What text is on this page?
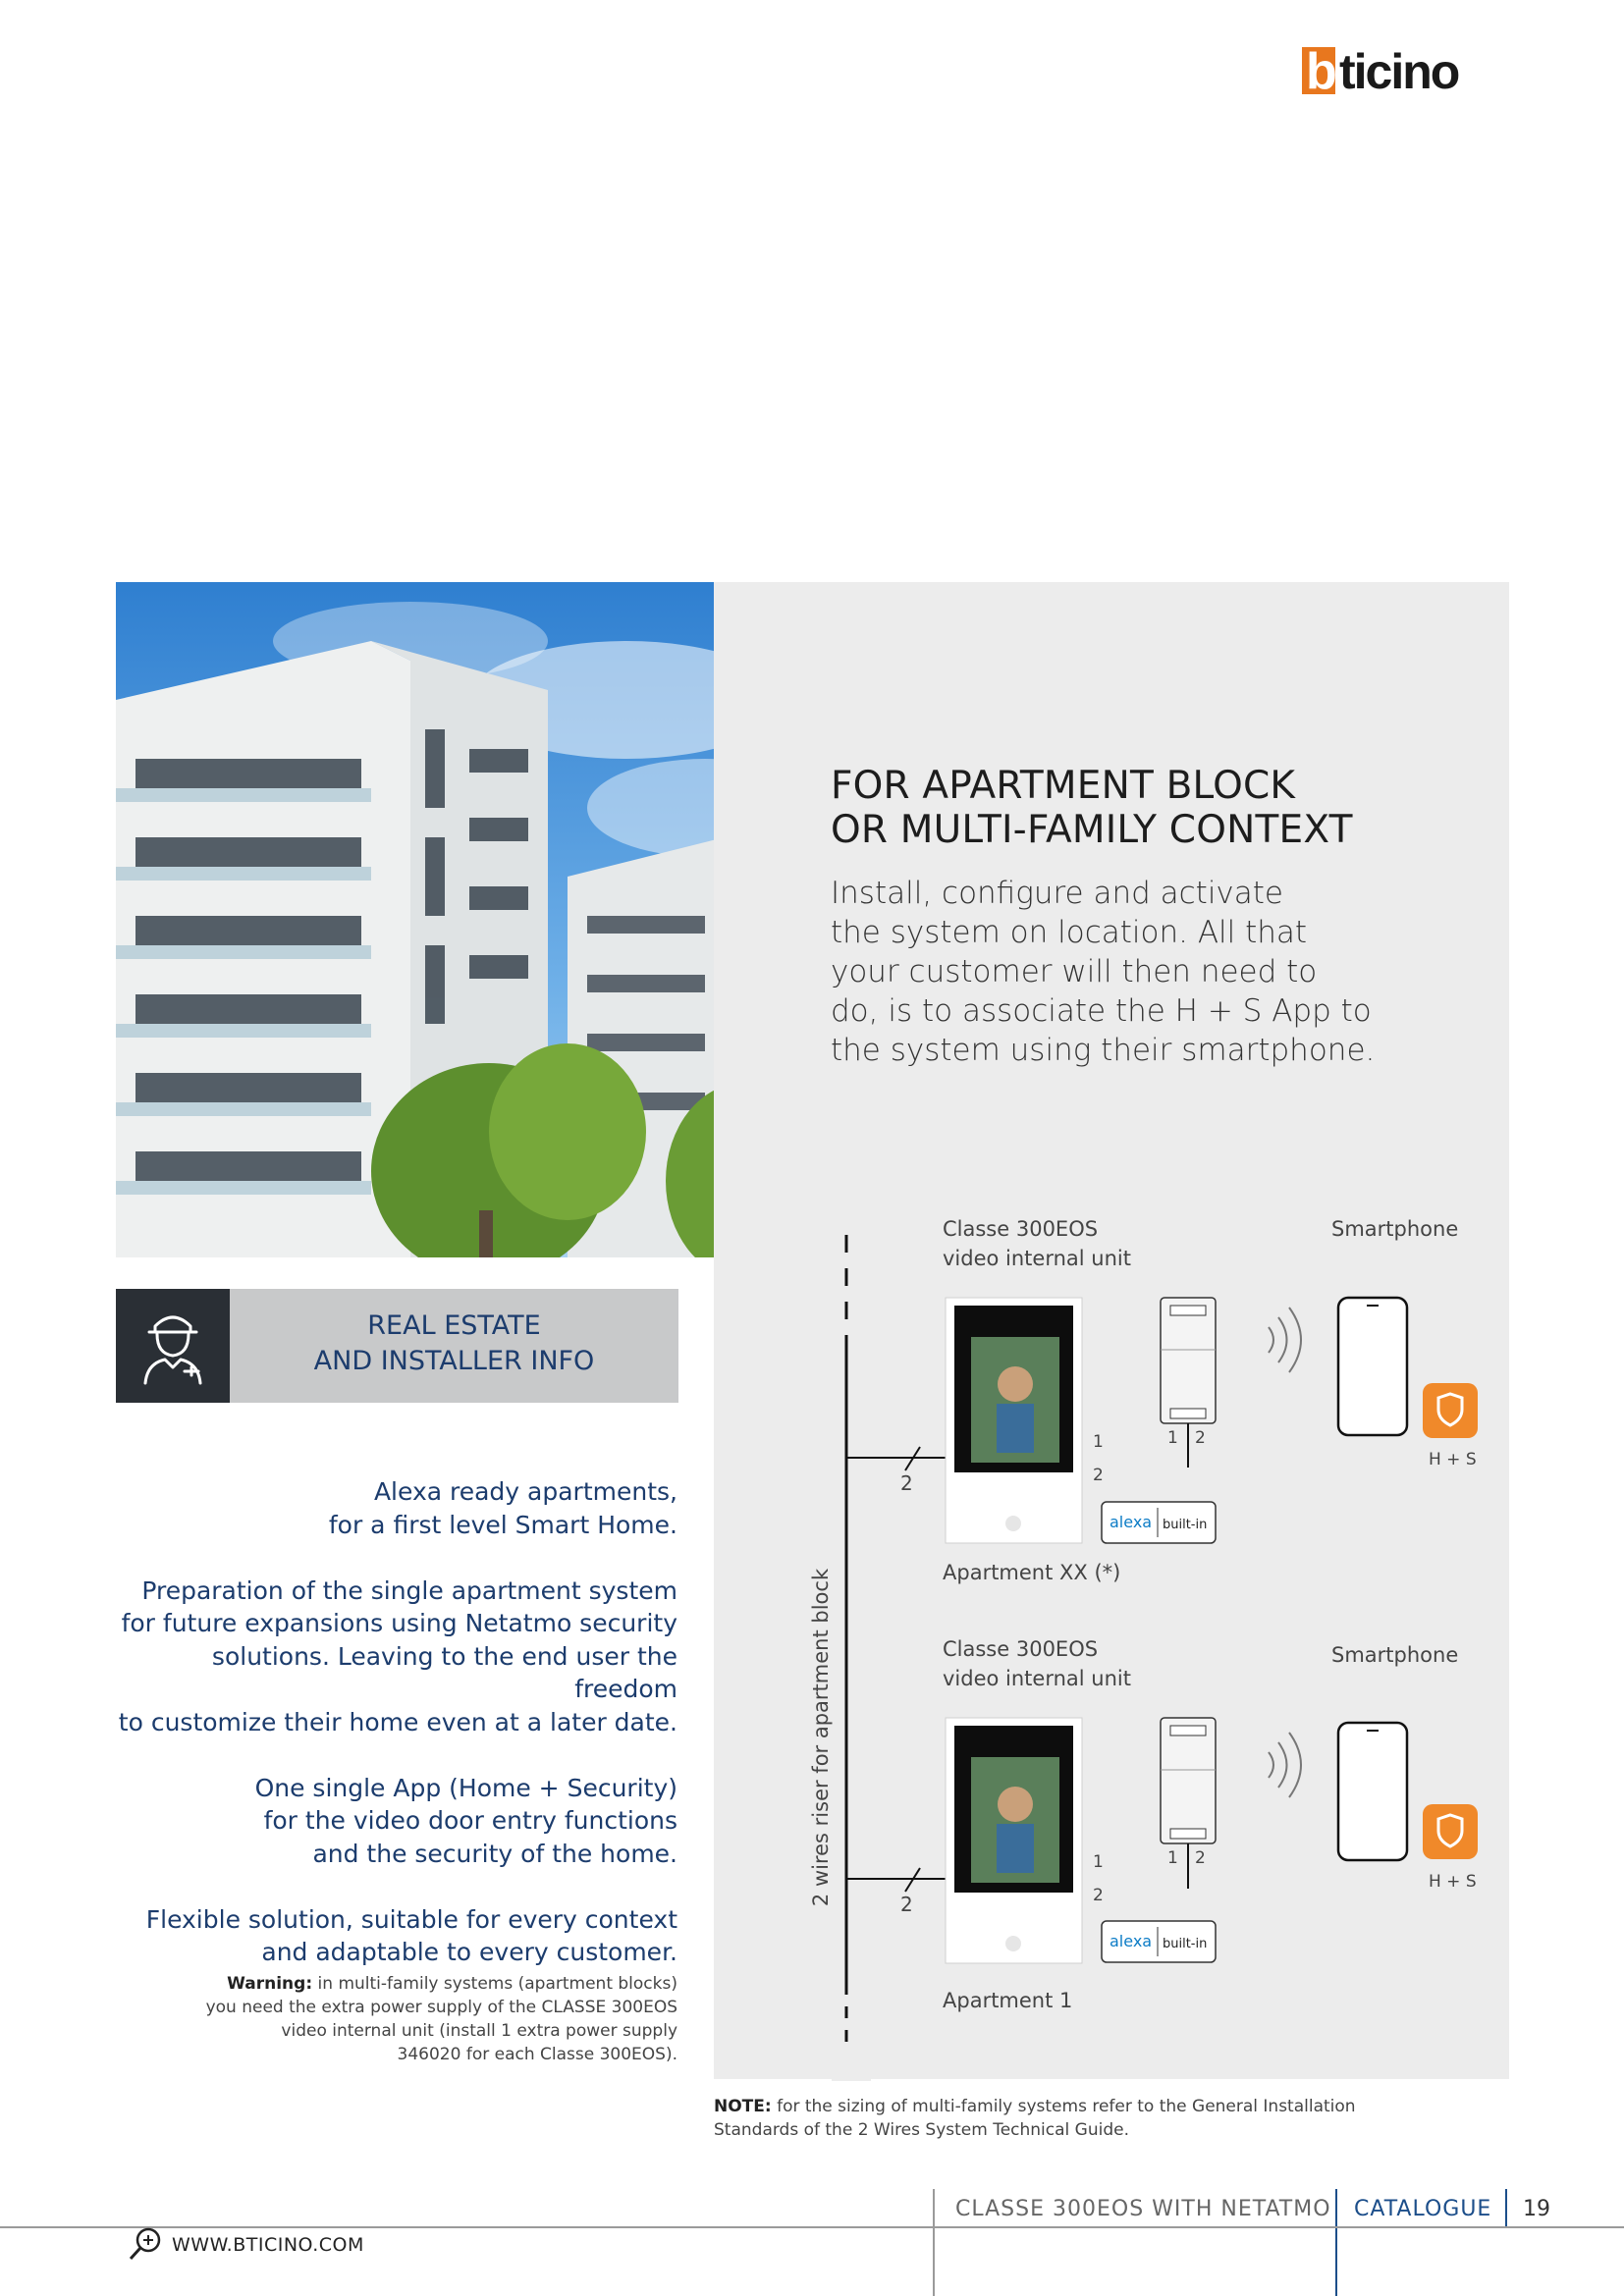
b ticino
FOR APARTMENT BLOCK
OR MULTI-FAMILY CONTEXT
Install, configure and activate
the system on location. All that
your customer will then need to
do, is to associate the H + S App to
the system using their smartphone.
REAL ESTATE
AND INSTALLER INFO

Alexa ready apartments,
for a first level Smart Home.

Preparation of the single apartment system
for future expansions using Netatmo security
solutions. Leaving to the end user the freedom
to customize their home even at a later date.

One single App (Home + Security)
for the video door entry functions
and the security of the home.

Flexible solution, suitable for every context
and adaptable to every customer.

Warning: in multi-family systems (apartment blocks)
you need the extra power supply of the CLASSE 300EOS
video internal unit (install 1 extra power supply
346020 for each Classe 300EOS).
2 wires riser for apartment block
2
2
Classe 300EOS
video internal unit
Smartphone
1
2
1 2
H + S
alexa built-in
Apartment XX (*)
Classe 300EOS
video internal unit
Smartphone
1
2
1 2
H + S
alexa built-in
Apartment 1
NOTE: for the sizing of multi-family systems refer to the General Installation
Standards of the 2 Wires System Technical Guide.
CLASSE 300EOS WITH NETATMO CATALOGUE 19
WWW.BTICINO.COM
